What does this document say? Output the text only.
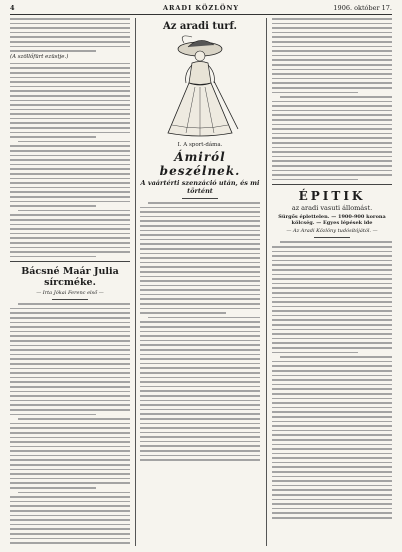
4	ARADI KÖZLÖNY	1906. október 17.
(A szöllőfürt ezüstje.)
Bácsné Maár Julia sírcméke.
— Irta Jókai Ferenc első —
Az aradi turf.
I. A sport-dáma.
Ámiról beszélnek.
A vaártérti szenzáció után, és mi történt	ÉPITIK
az aradi vasuti állomást.
Sürgős éplettelen. — 1900-900 korona kölcség. — Egyes lépések ide
— Az Aradi Közlöny tudósítójától. —
